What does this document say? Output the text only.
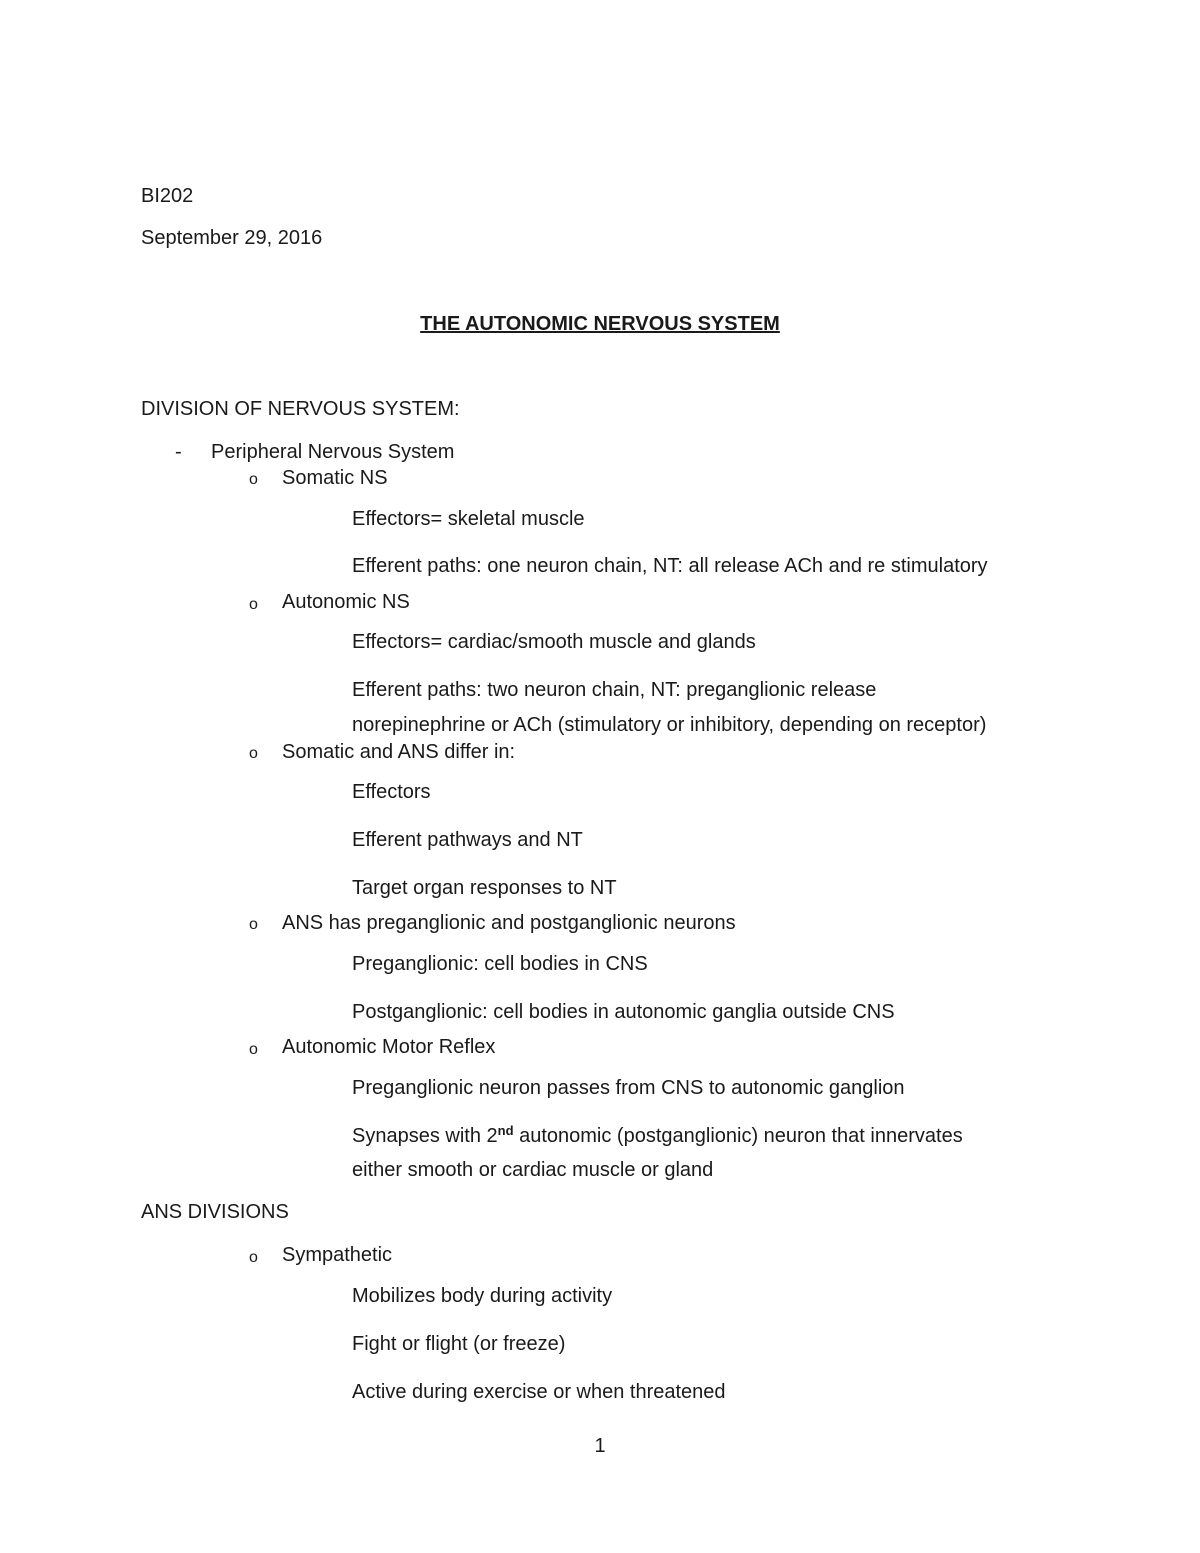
BI202
September 29, 2016
THE AUTONOMIC NERVOUS SYSTEM
DIVISION OF NERVOUS SYSTEM:
- Peripheral Nervous System
o Somatic NS
Effectors= skeletal muscle
Efferent paths: one neuron chain, NT: all release ACh and re stimulatory
o Autonomic NS
Effectors= cardiac/smooth muscle and glands
Efferent paths: two neuron chain, NT: preganglionic release
norepinephrine or ACh (stimulatory or inhibitory, depending on receptor)
o Somatic and ANS differ in:
Effectors
Efferent pathways and NT
Target organ responses to NT
o ANS has preganglionic and postganglionic neurons
Preganglionic: cell bodies in CNS
Postganglionic: cell bodies in autonomic ganglia outside CNS
o Autonomic Motor Reflex
Preganglionic neuron passes from CNS to autonomic ganglion
Synapses with 2nd autonomic (postganglionic) neuron that innervates
either smooth or cardiac muscle or gland
ANS DIVISIONS
o Sympathetic
Mobilizes body during activity
Fight or flight (or freeze)
Active during exercise or when threatened
1
